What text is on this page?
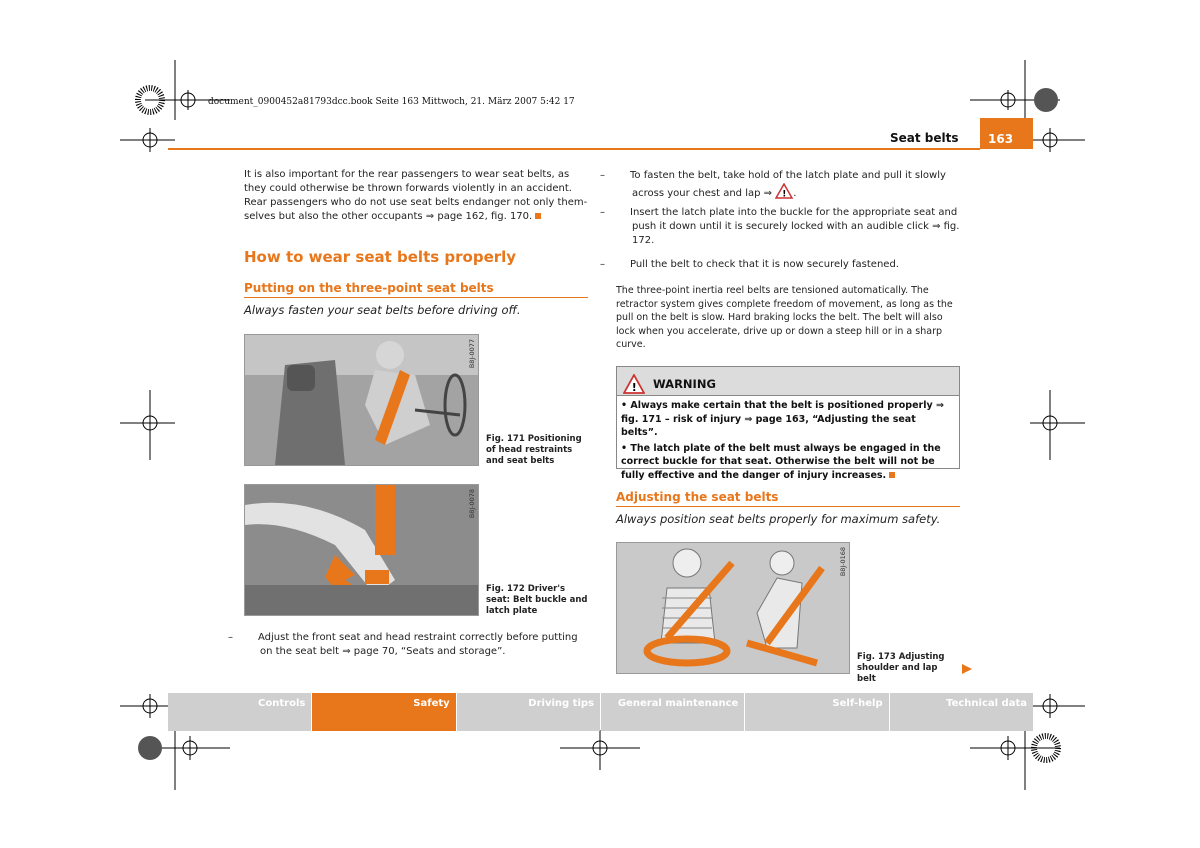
document_0900452a81793dcc.book Seite 163 Mittwoch, 21. März 2007 5:42 17
Seat belts	163

It is also important for the rear passengers to wear seat belts, as they could otherwise be thrown forwards violently in an accident. Rear passengers who do not use seat belts endanger not only them-selves but also the other occupants ⇒ page 162, fig. 170.

How to wear seat belts properly
Putting on the three-point seat belts
Always fasten your seat belts before driving off.
B8J-0077
Fig. 171 Positioning of head restraints and seat belts
B8J-0078
Fig. 172 Driver's seat: Belt buckle and latch plate

–	Adjust the front seat and head restraint correctly before putting on the seat belt ⇒ page 70, “Seats and storage”.

–	To fasten the belt, take hold of the latch plate and pull it slowly across your chest and lap ⇒ ! .

–	Insert the latch plate into the buckle for the appropriate seat and push it down until it is securely locked with an audible click ⇒ fig. 172.

–	Pull the belt to check that it is now securely fastened.

The three-point inertia reel belts are tensioned automatically. The retractor system gives complete freedom of movement, as long as the pull on the belt is slow. Hard braking locks the belt. The belt will also lock when you accelerate, drive up or down a steep hill or in a sharp curve.

! WARNING
• Always make certain that the belt is positioned properly ⇒ fig. 171 – risk of injury ⇒ page 163, “Adjusting the seat belts”.
• The latch plate of the belt must always be engaged in the correct buckle for that seat. Otherwise the belt will not be fully effective and the danger of injury increases.
Adjusting the seat belts
Always position seat belts properly for maximum safety.
B8J-0168
Fig. 173 Adjusting shoulder and lap belt
Controls	Safety	Driving tips	General maintenance	Self-help	Technical data
